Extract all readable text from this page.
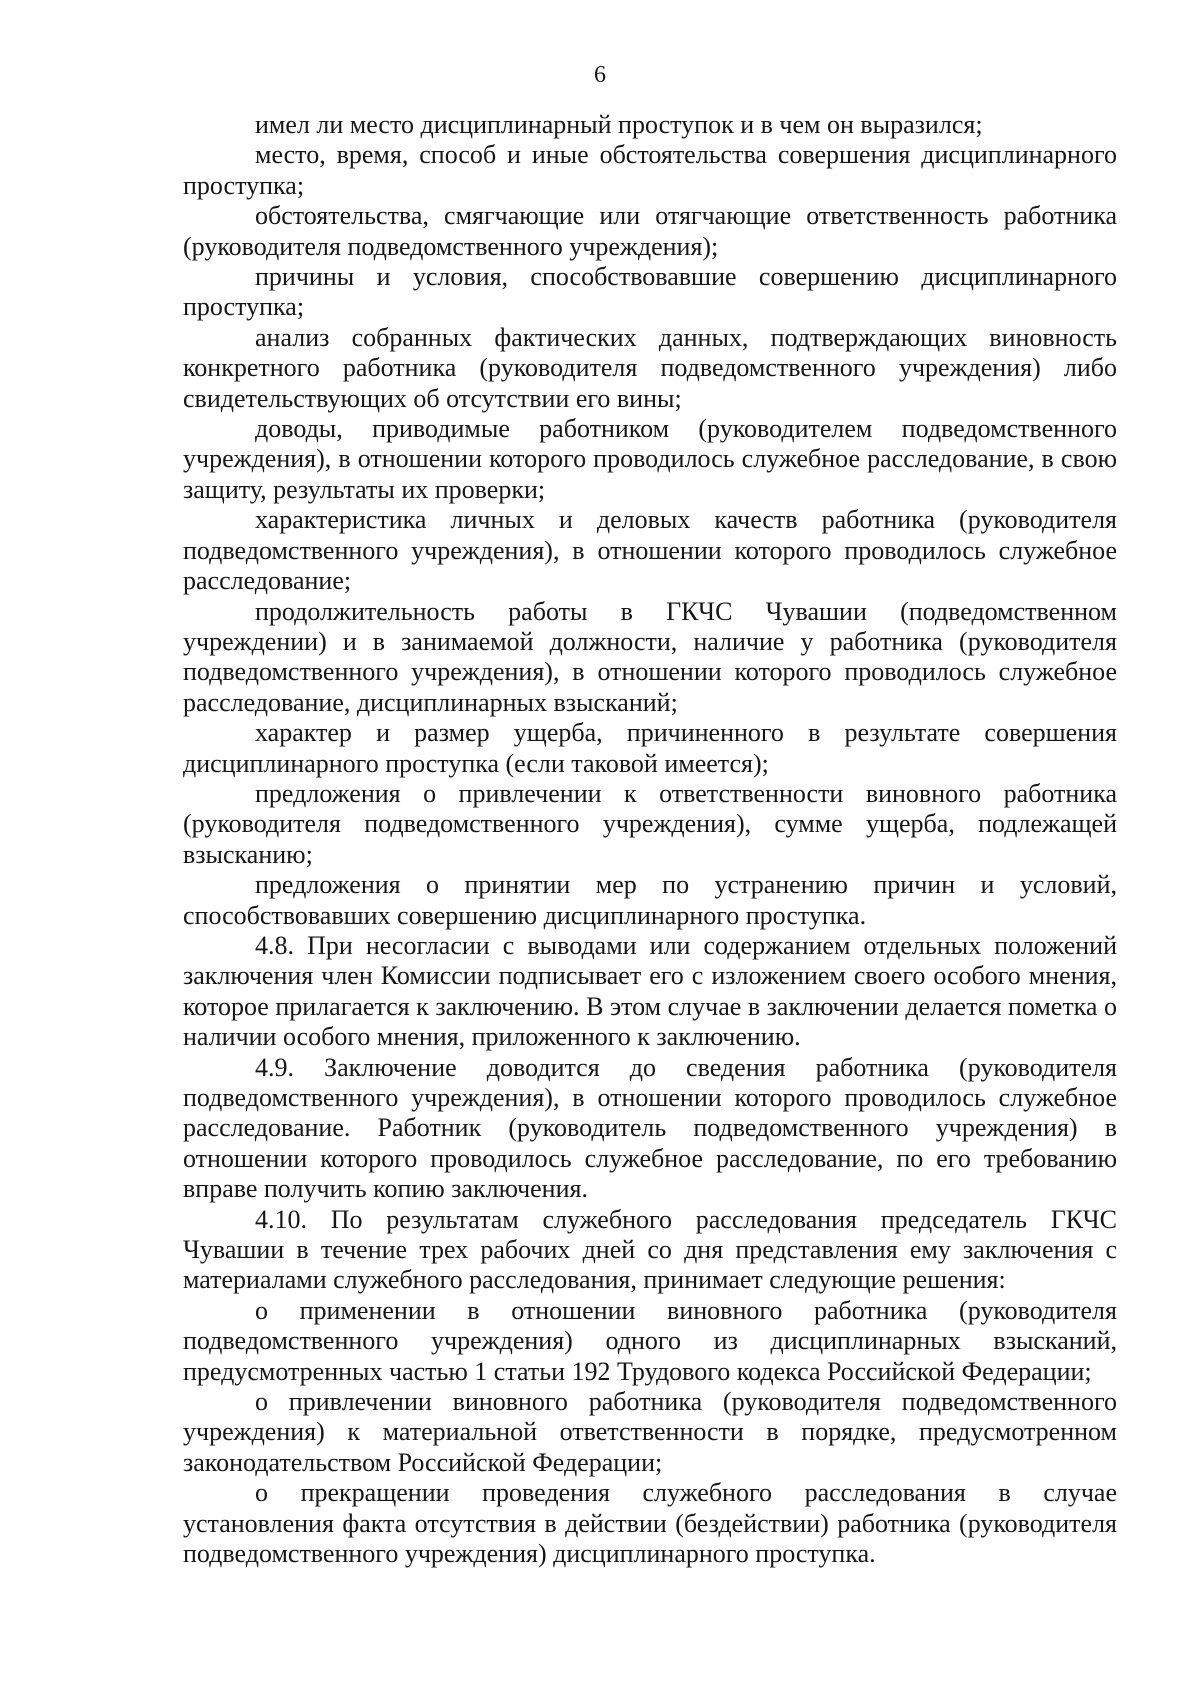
6

имел ли место дисциплинарный проступок и в чем он выразился;

место, время, способ и иные обстоятельства совершения дисциплинарного проступка;

обстоятельства, смягчающие или отягчающие ответственность работника (руководителя подведомственного учреждения);

причины и условия, способствовавшие совершению дисциплинарного проступка;

анализ собранных фактических данных, подтверждающих виновность конкретного работника (руководителя подведомственного учреждения) либо свидетельствующих об отсутствии его вины;

доводы, приводимые работником (руководителем подведомственного учреждения), в отношении которого проводилось служебное расследование, в свою защиту, результаты их проверки;

характеристика личных и деловых качеств работника (руководителя подведомственного учреждения), в отношении которого проводилось служебное расследование;

продолжительность работы в ГКЧС Чувашии (подведомственном учреждении) и в занимаемой должности, наличие у работника (руководителя подведомственного учреждения), в отношении которого проводилось служебное расследование, дисциплинарных взысканий;

характер и размер ущерба, причиненного в результате совершения дисциплинарного проступка (если таковой имеется);

предложения о привлечении к ответственности виновного работника (руководителя подведомственного учреждения), сумме ущерба, подлежащей взысканию;

предложения о принятии мер по устранению причин и условий, способствовавших совершению дисциплинарного проступка.

4.8. При несогласии с выводами или содержанием отдельных положений заключения член Комиссии подписывает его с изложением своего особого мнения, которое прилагается к заключению. В этом случае в заключении делается пометка о наличии особого мнения, приложенного к заключению.

4.9. Заключение доводится до сведения работника (руководителя подведомственного учреждения), в отношении которого проводилось служебное расследование. Работник (руководитель подведомственного учреждения) в отношении которого проводилось служебное расследование, по его требованию вправе получить копию заключения.

4.10. По результатам служебного расследования председатель ГКЧС Чувашии в течение трех рабочих дней со дня представления ему заключения с материалами служебного расследования, принимает следующие решения:

о применении в отношении виновного работника (руководителя подведомственного учреждения) одного из дисциплинарных взысканий, предусмотренных частью 1 статьи 192 Трудового кодекса Российской Федерации;

о привлечении виновного работника (руководителя подведомственного учреждения) к материальной ответственности в порядке, предусмотренном законодательством Российской Федерации;

о прекращении проведения служебного расследования в случае установления факта отсутствия в действии (бездействии) работника (руководителя подведомственного учреждения) дисциплинарного проступка.
